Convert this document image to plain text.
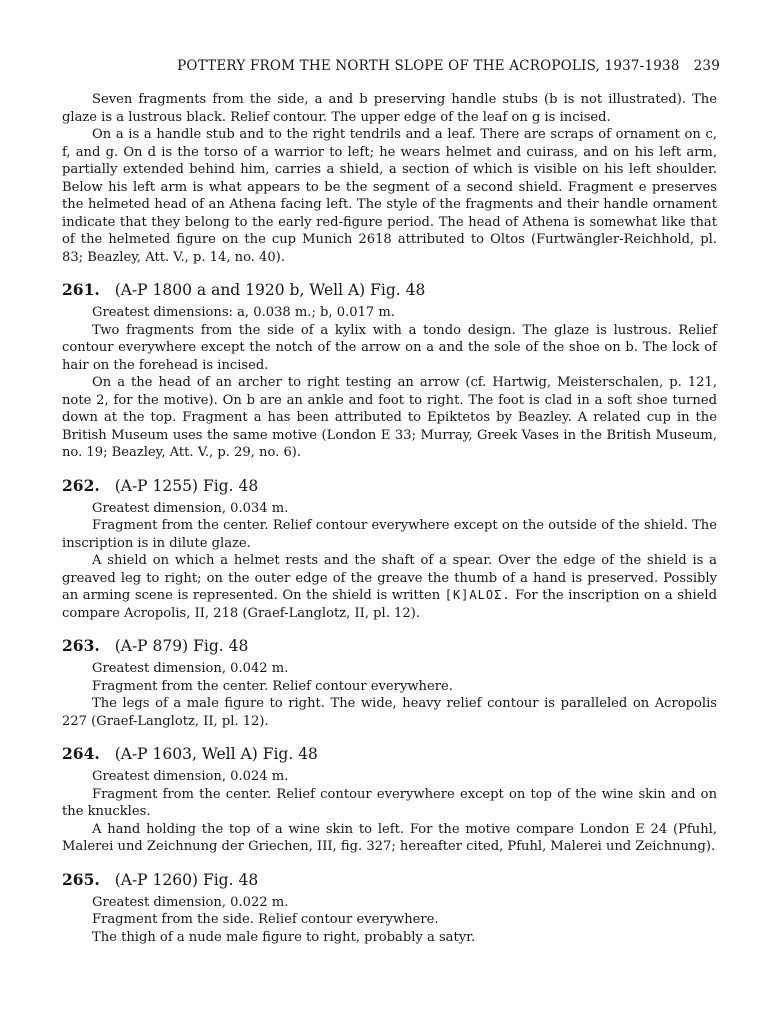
POTTERY FROM THE NORTH SLOPE OF THE ACROPOLIS, 1937-1938 239

Seven fragments from the side, a and b preserving handle stubs (b is not illustrated). The glaze is a lustrous black. Relief contour. The upper edge of the leaf on g is incised.

On a is a handle stub and to the right tendrils and a leaf. There are scraps of ornament on c, f, and g. On d is the torso of a warrior to left; he wears helmet and cuirass, and on his left arm, partially extended behind him, carries a shield, a section of which is visible on his left shoulder. Below his left arm is what appears to be the segment of a second shield. Fragment e preserves the helmeted head of an Athena facing left. The style of the fragments and their handle ornament indicate that they belong to the early red-figure period. The head of Athena is somewhat like that of the helmeted figure on the cup Munich 2618 attributed to Oltos (Furtwängler-Reichhold, pl. 83; Beazley, Att. V., p. 14, no. 40).

261. (A-P 1800 a and 1920 b, Well A) Fig. 48

Greatest dimensions: a, 0.038 m.; b, 0.017 m.

Two fragments from the side of a kylix with a tondo design. The glaze is lustrous. Relief contour everywhere except the notch of the arrow on a and the sole of the shoe on b. The lock of hair on the forehead is incised.

On a the head of an archer to right testing an arrow (cf. Hartwig, Meisterschalen, p. 121, note 2, for the motive). On b are an ankle and foot to right. The foot is clad in a soft shoe turned down at the top. Fragment a has been attributed to Epiktetos by Beazley. A related cup in the British Museum uses the same motive (London E 33; Murray, Greek Vases in the British Museum, no. 19; Beazley, Att. V., p. 29, no. 6).

262. (A-P 1255) Fig. 48

Greatest dimension, 0.034 m.

Fragment from the center. Relief contour everywhere except on the outside of the shield. The inscription is in dilute glaze.

A shield on which a helmet rests and the shaft of a spear. Over the edge of the shield is a greaved leg to right; on the outer edge of the greave the thumb of a hand is preserved. Possibly an arming scene is represented. On the shield is written [K]ΑLOΣ. For the inscription on a shield compare Acropolis, II, 218 (Graef-Langlotz, II, pl. 12).

263. (A-P 879) Fig. 48

Greatest dimension, 0.042 m.

Fragment from the center. Relief contour everywhere.

The legs of a male figure to right. The wide, heavy relief contour is paralleled on Acropolis 227 (Graef-Langlotz, II, pl. 12).

264. (A-P 1603, Well A) Fig. 48

Greatest dimension, 0.024 m.

Fragment from the center. Relief contour everywhere except on top of the wine skin and on the knuckles.

A hand holding the top of a wine skin to left. For the motive compare London E 24 (Pfuhl, Malerei und Zeichnung der Griechen, III, fig. 327; hereafter cited, Pfuhl, Malerei und Zeichnung).

265. (A-P 1260) Fig. 48

Greatest dimension, 0.022 m.

Fragment from the side. Relief contour everywhere.

The thigh of a nude male figure to right, probably a satyr.
